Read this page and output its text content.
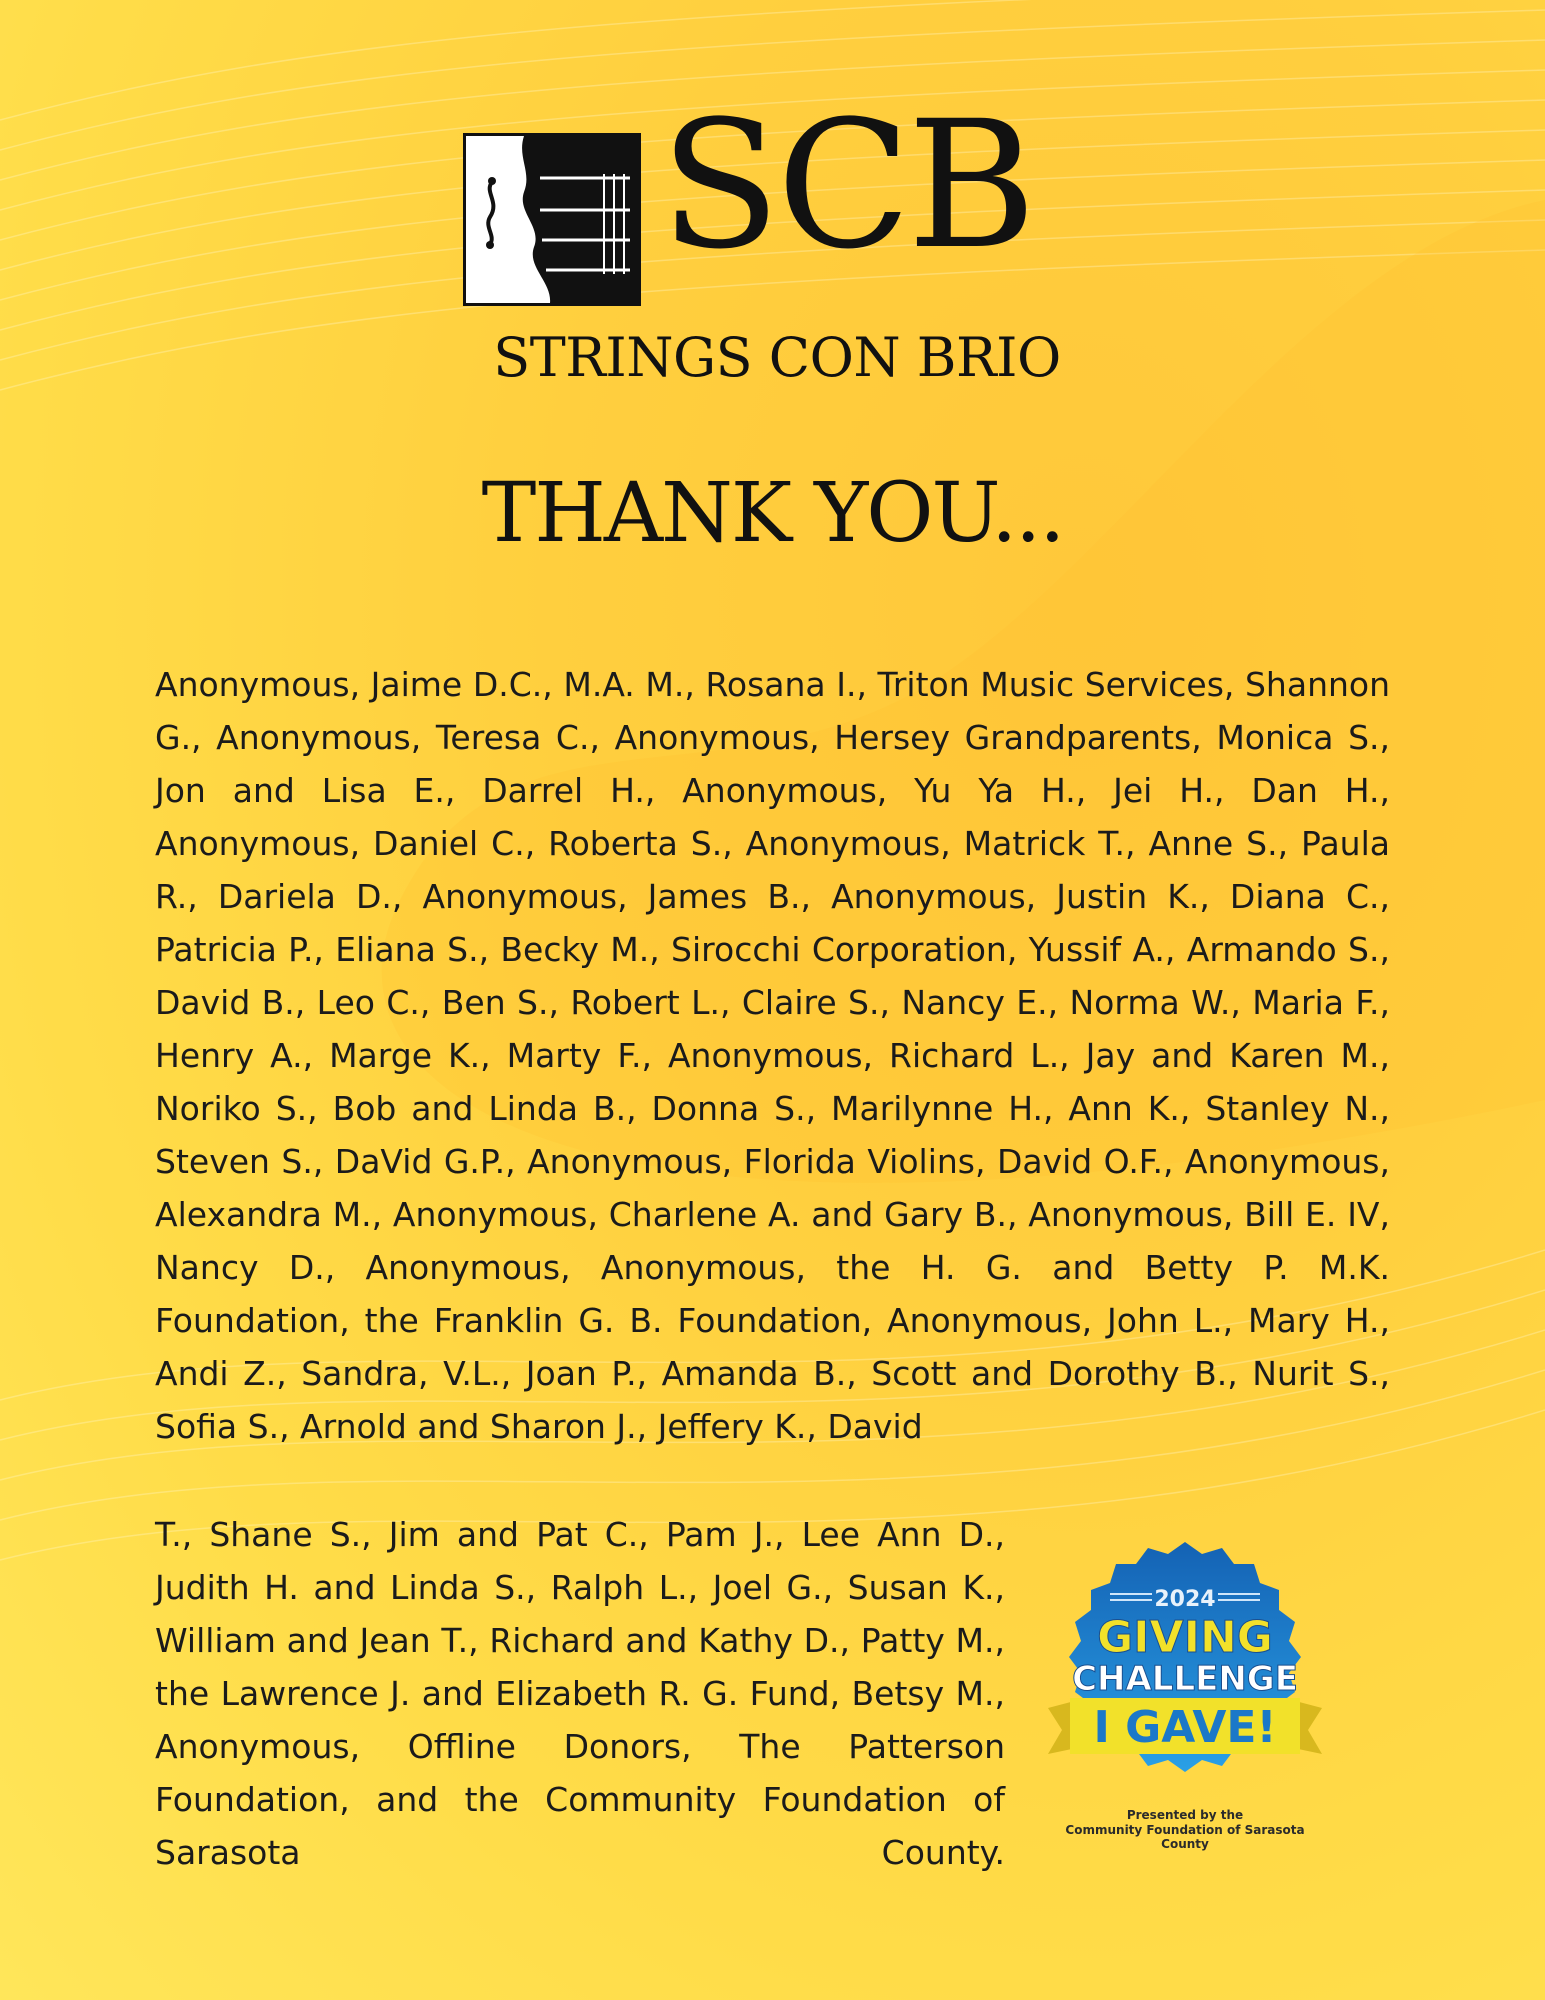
SCB
STRINGS CON BRIO
THANK YOU...

Anonymous, Jaime D.C., M.A. M., Rosana I., Triton Music Services, Shannon G., Anonymous, Teresa C., Anonymous, Hersey Grandparents, Monica S., Jon and Lisa E., Darrel H., Anonymous, Yu Ya H., Jei H., Dan H., Anonymous, Daniel C., Roberta S., Anonymous, Matrick T., Anne S., Paula R., Dariela D., Anonymous, James B., Anonymous, Justin K., Diana C., Patricia P., Eliana S., Becky M., Sirocchi Corporation, Yussif A., Armando S., David B., Leo C., Ben S., Robert L., Claire S., Nancy E., Norma W., Maria F., Henry A., Marge K., Marty F., Anonymous, Richard L., Jay and Karen M., Noriko S., Bob and Linda B., Donna S., Marilynne H., Ann K., Stanley N., Steven S., DaVid G.P., Anonymous, Florida Violins, David O.F., Anonymous, Alexandra M., Anonymous, Charlene A. and Gary B., Anonymous, Bill E. IV, Nancy D., Anonymous, Anonymous, the H. G. and Betty P. M.K. Foundation, the Franklin G. B. Foundation, Anonymous, John L., Mary H., Andi Z., Sandra, V.L., Joan P., Amanda B., Scott and Dorothy B., Nurit S., Sofia S., Arnold and Sharon J., Jeffery K., David

T., Shane S., Jim and Pat C., Pam J., Lee Ann D., Judith H. and Linda S., Ralph L., Joel G., Susan K., William and Jean T., Richard and Kathy D., Patty M., the Lawrence J. and Elizabeth R. G. Fund, Betsy M., Anonymous, Offline Donors, The Patterson Foundation, and the Community Foundation of Sarasota County.

2024
GIVING
CHALLENGE
I GAVE!
Presented by the
Community Foundation of Sarasota County
